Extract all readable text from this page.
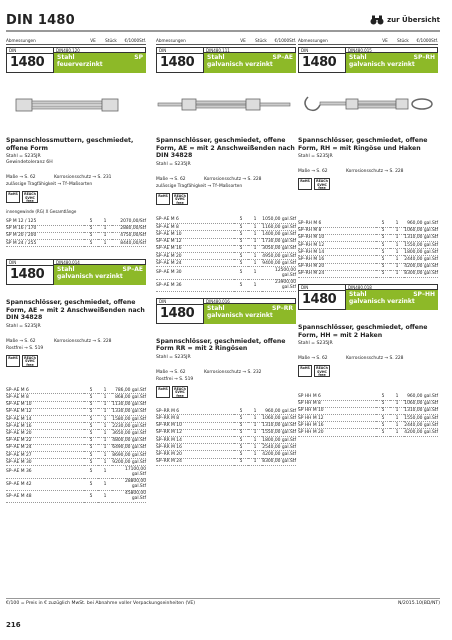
DIN 1480	zur Übersicht
Abmessungen	VE	Stück	€/1000Stf.
DIN
1480
DIN480.120
Stahl	SP
feuerverzinkt
Spannschlossmuttern, geschmiedet, offene Form
Stahl = S235JR
Gewindetoleranz 6H
Maße → S. 62	Korrosionsschutz → S. 231
zulässige Tragfähigkeit → Tf–Maßsorten
RoHS	REACh SVHC free
innengewinde (RG) X Gesamtlänge
SP M 12 / 125	5	1	2070,00/Stf
SP M 16 / 170	5	1	2880,00/Stf
SP M 20 / 200	5	1	4750,00/Stf
SP M 24 / 255	5	1	8440,00/Stf
DIN
1480
DIN480.014
Stahl	SP–AE
galvanisch verzinkt
Spannschlösser, geschmiedet, offene Form, AE = mit 2 Anschweißenden nach DIN 34828
Stahl = S235JR
Maße → S. 62	Korrosionsschutz → S. 228
Rostfrei → S. 519
RoHS	REACh SVHC free
SP–AE M 6	5	1	786,00 gal.Stf
SP–AE M 8	5	1	868,00 gal.Stf
SP–AE M 10	5	1	1130,00 gal.Stf
SP–AE M 12	5	1	1330,00 gal.Stf
SP–AE M 14	5	1	1580,00 gal.Stf
SP–AE M 16	5	1	2230,00 gal.Stf
SP–AE M 20	5	1	3650,00 gal.Stf
SP–AE M 22	5	1	4800,00 gal.Stf
SP–AE M 24	5	1	6490,00 gal.Stf
SP–AE M 27	5	1	8690,00 gal.Stf
SP–AE M 30	5	1	9200,00 gal.Stf
SP–AE M 36	5	1	17100,00 gal.Stf
SP–AE M 42	5	1	28800,00 gal.Stf
SP–AE M 48	5	1	45800,00 gal.Stf
Abmessungen	VE	Stück	€/1000Stf.
DIN
1480
DIN480.111
Stahl	SP–AE
galvanisch verzinkt
Spannschlösser, geschmiedet, offene Form, AE = mit 2 Anschweißenden nach DIN 34828
Stahl = S235JR
Maße → S. 62	Korrosionsschutz → S. 228
zulässige Tragfähigkeit → Tf–Maßsorten
RoHS	REACh SVHC free
SP–AE M 6	5	1	1050,00 gal.Stf
SP–AE M 8	5	1	1160,00 gal.Stf
SP–AE M 10	5	1	1400,00 gal.Stf
SP–AE M 12	5	1	1730,00 gal.Stf
SP–AE M 16	5	1	3050,00 gal.Stf
SP–AE M 20	5	1	4950,00 gal.Stf
SP–AE M 24	5	1	9400,00 gal.Stf
SP–AE M 30	5	1	12500,00 gal.Stf
SP–AE M 36	5	1	23900,00 gal.Stf
DIN
1480
DIN480.016
Stahl	SP–RR
galvanisch verzinkt
Spannschlösser, geschmiedet, offene Form RR = mit 2 Ringösen
Stahl = S235JR
Maße → S. 62	Korrosionsschutz → S. 232
Rostfrei → S. 519
RoHS	REACh SVHC free
SP–RR M 6	5	1	960,00 gal.Stf
SP–RR M 8	5	1	1060,00 gal.Stf
SP–RR M 10	5	1	1310,00 gal.Stf
SP–RR M 12	5	1	1550,00 gal.Stf
SP–RR M 14	5	1	1800,00 gal.Stf
SP–RR M 16	5	1	2540,00 gal.Stf
SP–RR M 20	5	1	4200,00 gal.Stf
SP–RR M 24	5	1	8300,00 gal.Stf
Abmessungen	VE	Stück	€/1000Stf.
DIN
1480
DIN480.015
Stahl	SP–RH
galvanisch verzinkt
Spannschlösser, geschmiedet, offene Form, RH = mit Ringöse und Haken
Stahl = S235JR
Maße → S. 62	Korrosionsschutz → S. 228
RoHS	REACh SVHC free
SP–RH M 6	5	1	960,00 gal.Stf
SP–RH M 8	5	1	1060,00 gal.Stf
SP–RH M 10	5	1	1310,00 gal.Stf
SP–RH M 12	5	1	1550,00 gal.Stf
SP–RH M 14	5	1	1800,00 gal.Stf
SP–RH M 16	5	1	2440,00 gal.Stf
SP–RH M 20	5	1	4200,00 gal.Stf
SP–RH M 24	5	1	8300,00 gal.Stf
DIN
1480
DIN480.018
Stahl	SP–HH
galvanisch verzinkt
Spannschlösser, geschmiedet, offene Form, HH = mit 2 Haken
Stahl = S235JR
Maße → S. 62	Korrosionsschutz → S. 228
RoHS	REACh SVHC free
SP HH M 6	5	1	960,00 gal.Stf
SP HH M 8	5	1	1060,00 gal.Stf
SP HH M 10	5	1	1310,00 gal.Stf
SP HH M 12	5	1	1550,00 gal.Stf
SP HH M 16	5	1	2440,00 gal.Stf
SP HH M 20	5	1	4200,00 gal.Stf
€/100 = Preis in € zuzüglich MwSt. bei Abnahme voller Verpackungseinheiten (VE)	N/2015.10(BD/NT)
216
